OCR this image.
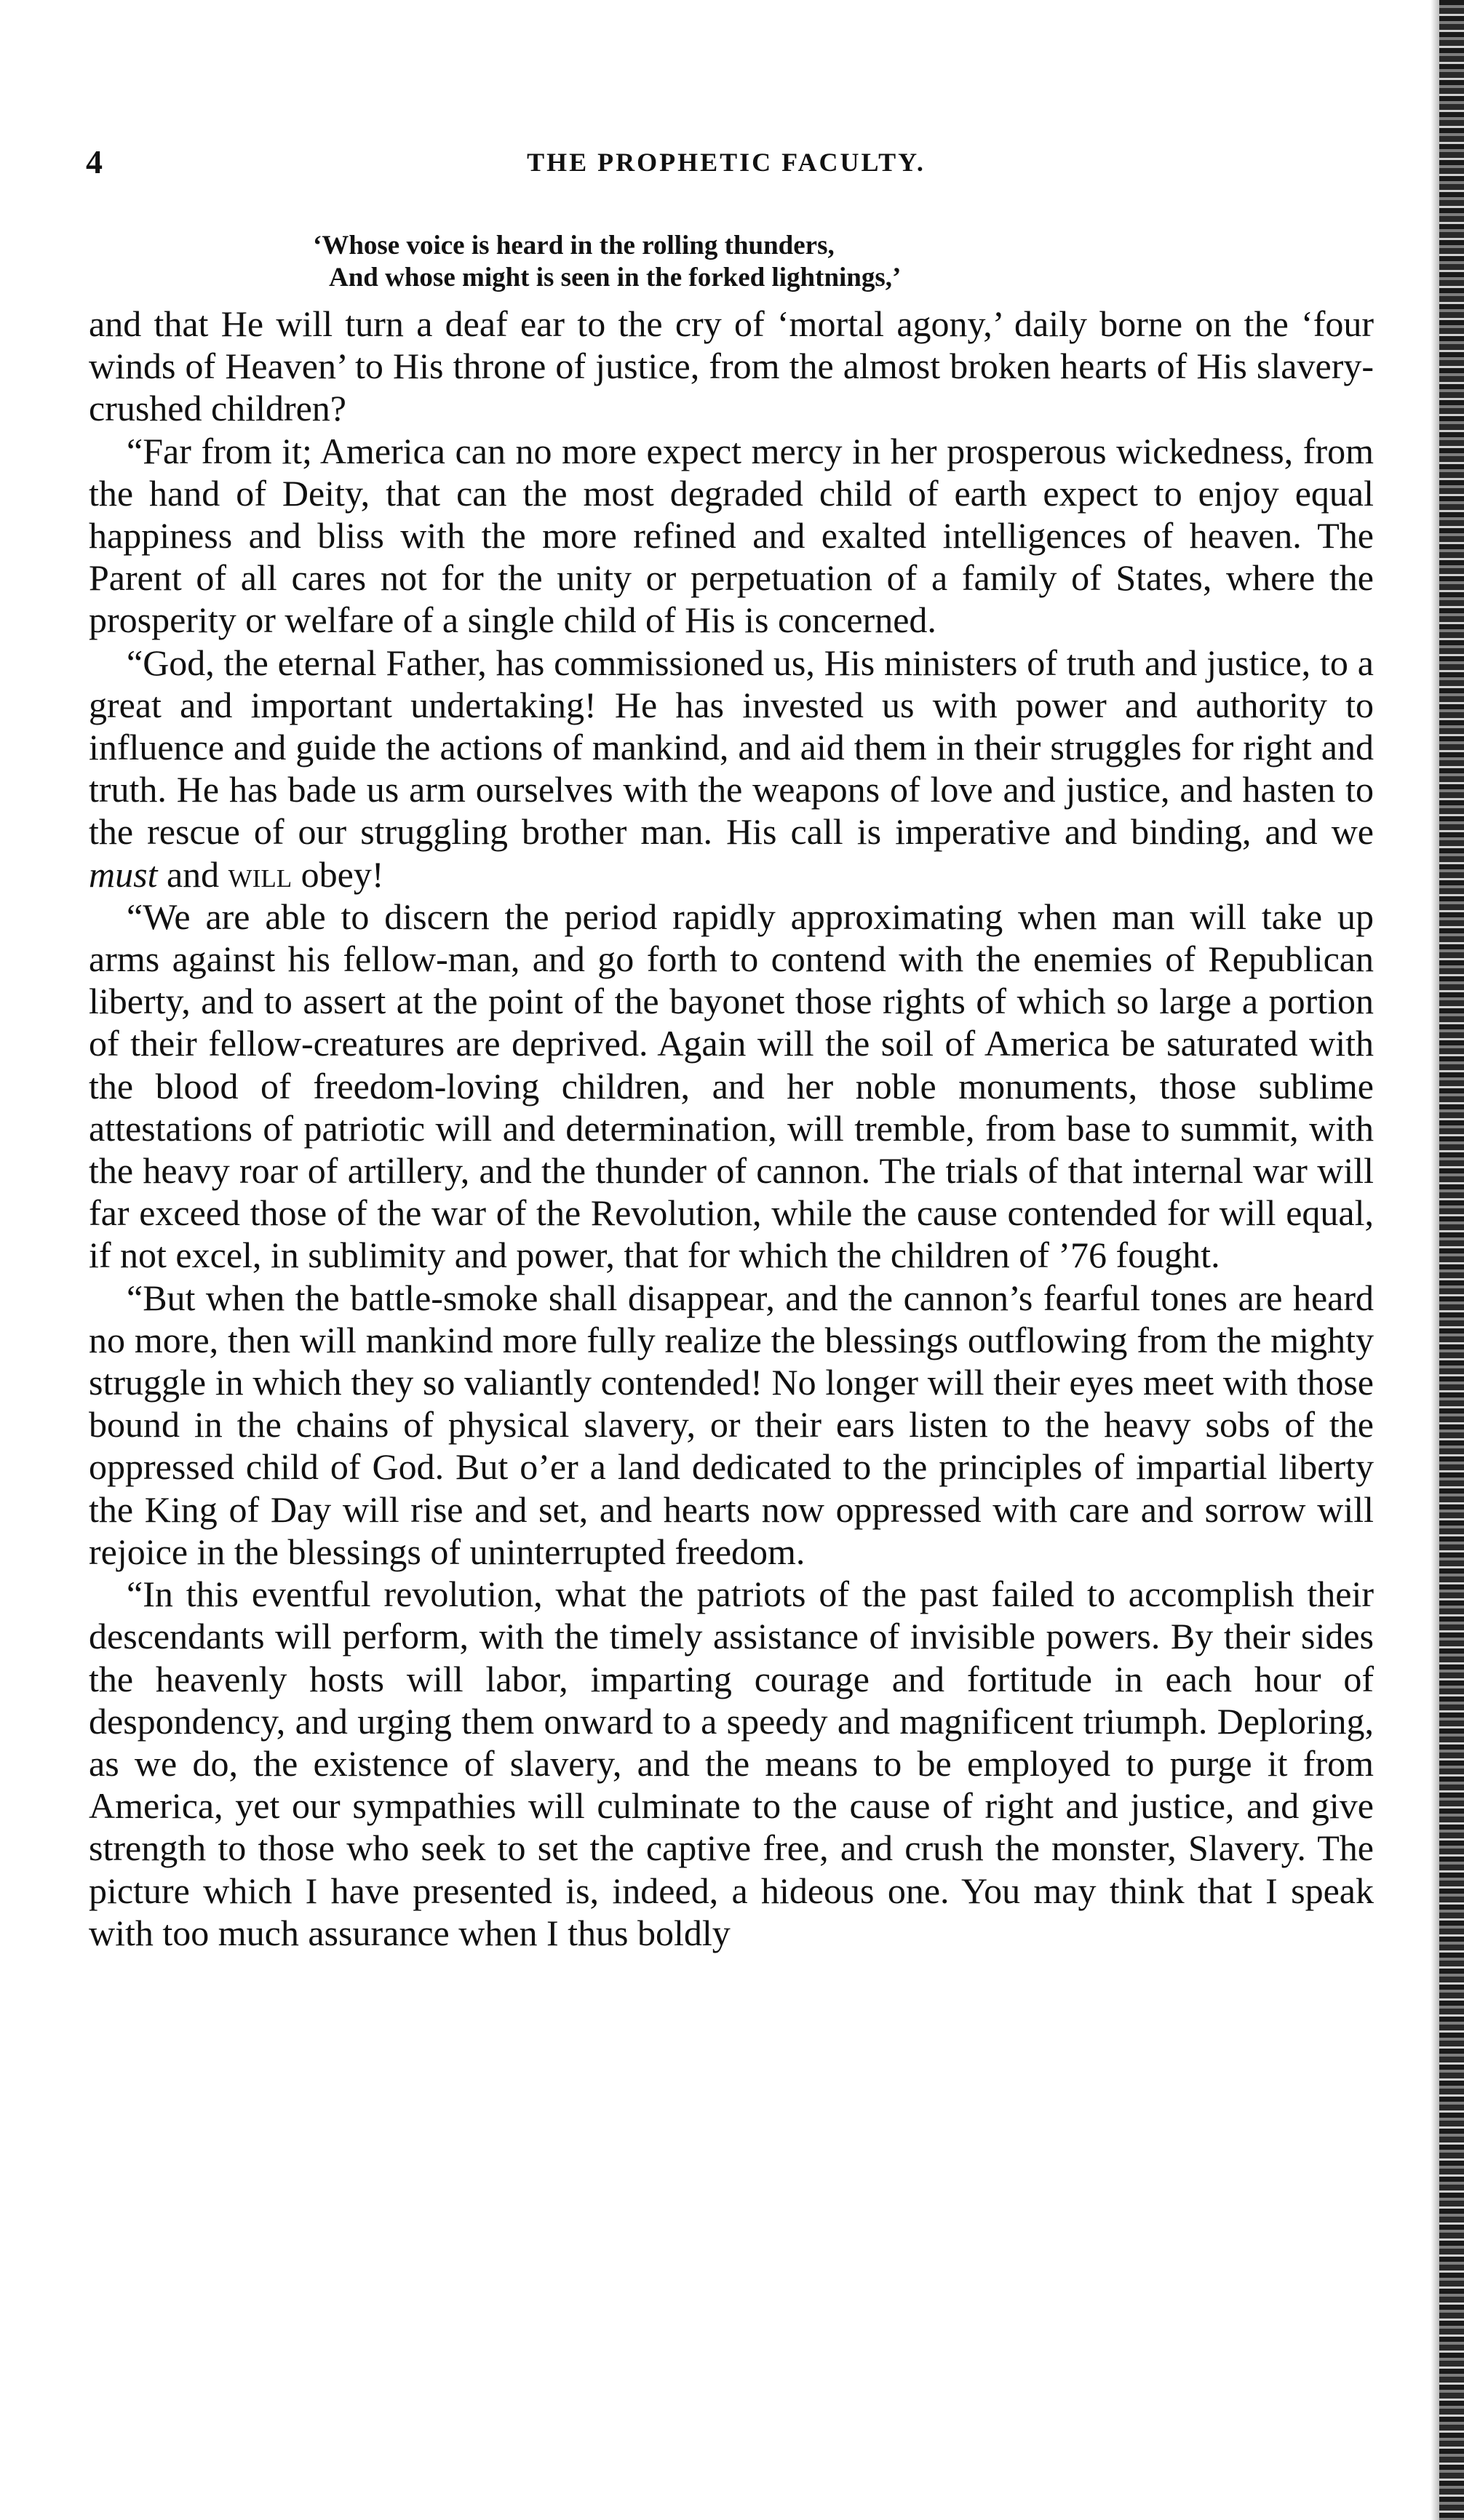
4	THE PROPHETIC FACULTY.
‘Whose voice is heard in the rolling thunders,
And whose might is seen in the forked lightnings,’

and that He will turn a deaf ear to the cry of ‘mortal agony,’ daily borne on the ‘four winds of Heaven’ to His throne of justice, from the almost broken hearts of His slavery-crushed children?

“Far from it; America can no more expect mercy in her prosperous wickedness, from the hand of Deity, that can the most degraded child of earth expect to enjoy equal happiness and bliss with the more refined and exalted intelligences of heaven. The Parent of all cares not for the unity or perpetuation of a family of States, where the prosperity or welfare of a single child of His is concerned.

“God, the eternal Father, has commissioned us, His ministers of truth and justice, to a great and important undertaking! He has invested us with power and authority to influence and guide the actions of mankind, and aid them in their struggles for right and truth. He has bade us arm ourselves with the weapons of love and justice, and hasten to the rescue of our struggling brother man. His call is imperative and binding, and we must and will obey!

“We are able to discern the period rapidly approximating when man will take up arms against his fellow-man, and go forth to contend with the enemies of Republican liberty, and to assert at the point of the bayonet those rights of which so large a portion of their fellow-creatures are deprived. Again will the soil of America be saturated with the blood of freedom-loving children, and her noble monuments, those sublime attestations of patriotic will and determination, will tremble, from base to summit, with the heavy roar of artillery, and the thunder of cannon. The trials of that internal war will far exceed those of the war of the Revolution, while the cause contended for will equal, if not excel, in sublimity and power, that for which the children of ’76 fought.

“But when the battle-smoke shall disappear, and the cannon’s fearful tones are heard no more, then will mankind more fully realize the blessings outflowing from the mighty struggle in which they so valiantly contended! No longer will their eyes meet with those bound in the chains of physical slavery, or their ears listen to the heavy sobs of the oppressed child of God. But o’er a land dedicated to the principles of impartial liberty the King of Day will rise and set, and hearts now oppressed with care and sorrow will rejoice in the blessings of uninterrupted freedom.

“In this eventful revolution, what the patriots of the past failed to accomplish their descendants will perform, with the timely assistance of invisible powers. By their sides the heavenly hosts will labor, imparting courage and fortitude in each hour of despondency, and urging them onward to a speedy and magnificent triumph. Deploring, as we do, the existence of slavery, and the means to be employed to purge it from America, yet our sympathies will culminate to the cause of right and justice, and give strength to those who seek to set the captive free, and crush the monster, Slavery. The picture which I have presented is, indeed, a hideous one. You may think that I speak with too much assurance when I thus boldly
